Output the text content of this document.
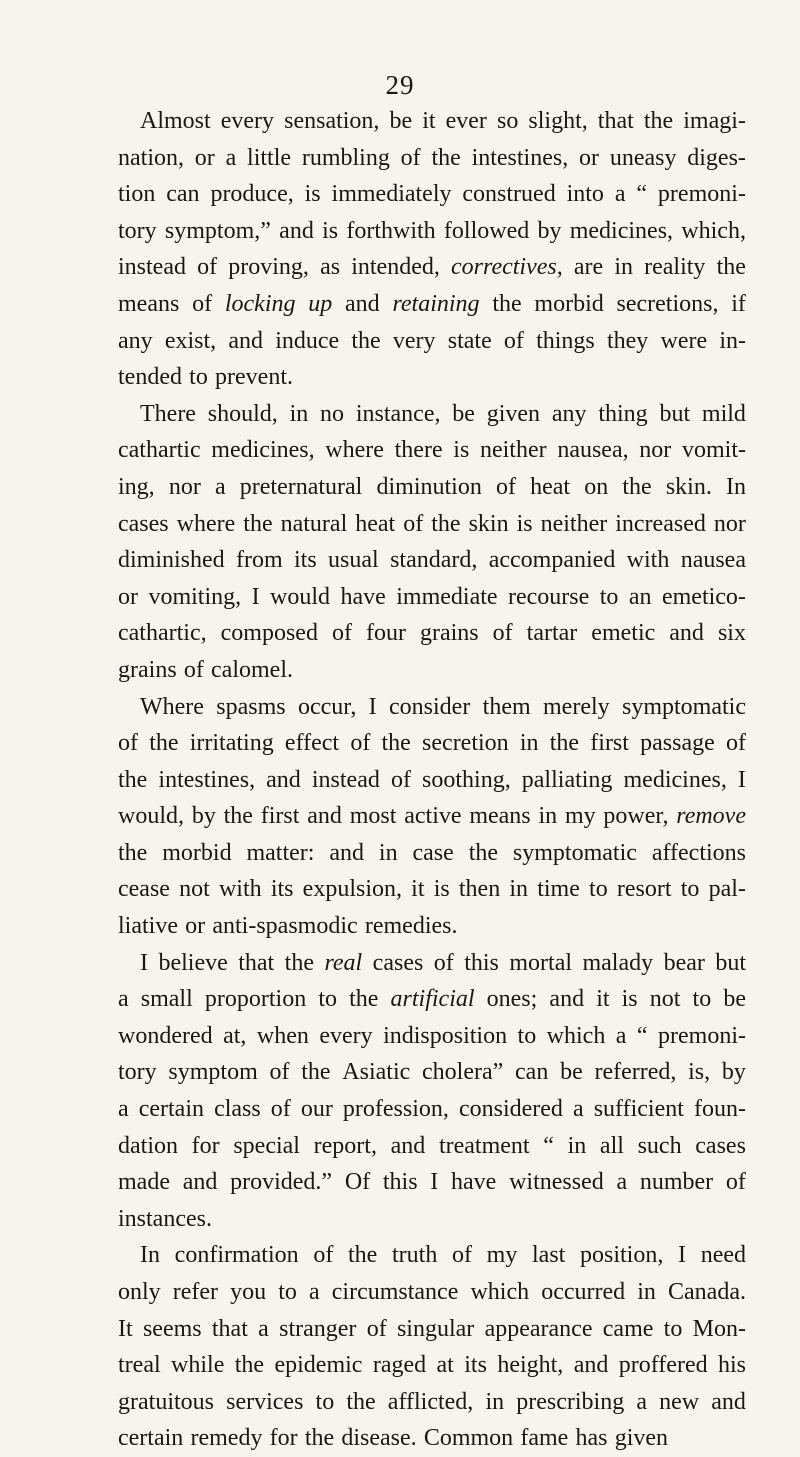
29
Almost every sensation, be it ever so slight, that the imagi-
nation, or a little rumbling of the intestines, or uneasy diges-
tion can produce, is immediately construed into a “ premoni-
tory symptom,” and is forthwith followed by medicines, which,
instead of proving, as intended, correctives, are in reality the
means of locking up and retaining the morbid secretions, if
any exist, and induce the very state of things they were in-
tended to prevent.
There should, in no instance, be given any thing but mild
cathartic medicines, where there is neither nausea, nor vomit-
ing, nor a preternatural diminution of heat on the skin. In
cases where the natural heat of the skin is neither increased nor
diminished from its usual standard, accompanied with nausea
or vomiting, I would have immediate recourse to an emetico-
cathartic, composed of four grains of tartar emetic and six
grains of calomel.
Where spasms occur, I consider them merely symptomatic
of the irritating effect of the secretion in the first passage of
the intestines, and instead of soothing, palliating medicines, I
would, by the first and most active means in my power, remove
the morbid matter: and in case the symptomatic affections
cease not with its expulsion, it is then in time to resort to pal-
liative or anti-spasmodic remedies.
I believe that the real cases of this mortal malady bear but
a small proportion to the artificial ones; and it is not to be
wondered at, when every indisposition to which a “ premoni-
tory symptom of the Asiatic cholera” can be referred, is, by
a certain class of our profession, considered a sufficient foun-
dation for special report, and treatment “ in all such cases
made and provided.” Of this I have witnessed a number of
instances.
In confirmation of the truth of my last position, I need
only refer you to a circumstance which occurred in Canada.
It seems that a stranger of singular appearance came to Mon-
treal while the epidemic raged at its height, and proffered his
gratuitous services to the afflicted, in prescribing a new and
certain remedy for the disease. Common fame has given
